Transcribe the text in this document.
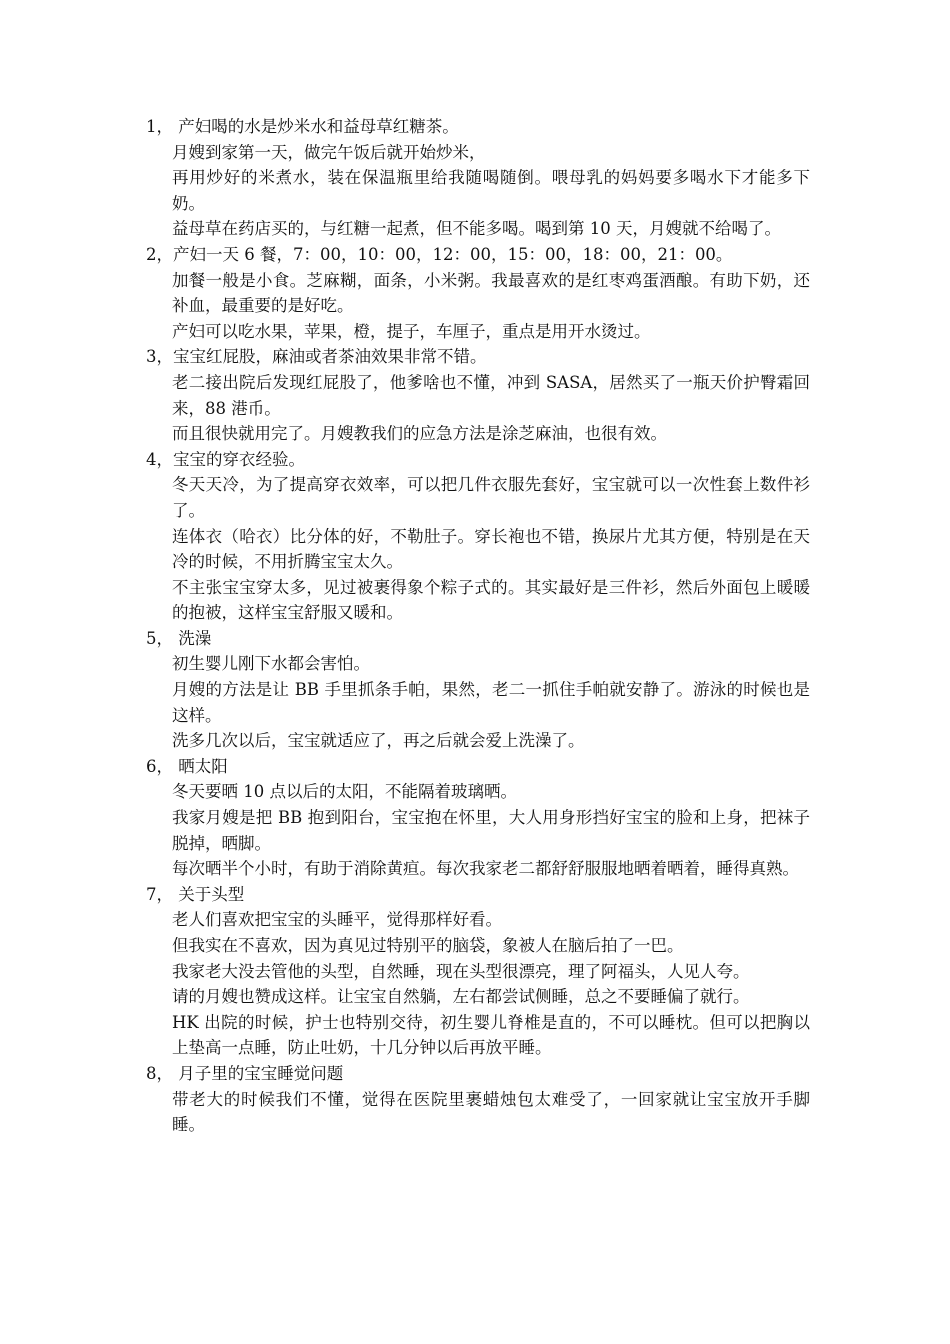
1， 产妇喝的水是炒米水和益母草红糖茶。
月嫂到家第一天，做完午饭后就开始炒米，
再用炒好的米煮水，装在保温瓶里给我随喝随倒。喂母乳的妈妈要多喝水下才能多下奶。
益母草在药店买的，与红糖一起煮，但不能多喝。喝到第 10 天，月嫂就不给喝了。
2，产妇一天 6 餐，7：00，10：00，12：00，15：00，18：00，21：00。
加餐一般是小食。芝麻糊，面条，小米粥。我最喜欢的是红枣鸡蛋酒酿。有助下奶，还补血，最重要的是好吃。
产妇可以吃水果，苹果，橙，提子，车厘子，重点是用开水烫过。
3，宝宝红屁股，麻油或者茶油效果非常不错。
老二接出院后发现红屁股了，他爹啥也不懂，冲到 SASA，居然买了一瓶天价护臀霜回来，88 港币。
而且很快就用完了。月嫂教我们的应急方法是涂芝麻油，也很有效。
4，宝宝的穿衣经验。
冬天天冷，为了提高穿衣效率，可以把几件衣服先套好，宝宝就可以一次性套上数件衫了。
连体衣（哈衣）比分体的好，不勒肚子。穿长袍也不错，换尿片尤其方便，特别是在天冷的时候，不用折腾宝宝太久。
不主张宝宝穿太多，见过被裹得象个粽子式的。其实最好是三件衫，然后外面包上暖暖的抱被，这样宝宝舒服又暖和。
5， 洗澡
初生婴儿刚下水都会害怕。
月嫂的方法是让 BB 手里抓条手帕，果然，老二一抓住手帕就安静了。游泳的时候也是这样。
洗多几次以后，宝宝就适应了，再之后就会爱上洗澡了。
6， 晒太阳
冬天要晒 10 点以后的太阳，不能隔着玻璃晒。
我家月嫂是把 BB 抱到阳台，宝宝抱在怀里，大人用身形挡好宝宝的脸和上身，把袜子脱掉，晒脚。
每次晒半个小时，有助于消除黄疸。每次我家老二都舒舒服服地晒着晒着，睡得真熟。
7， 关于头型
老人们喜欢把宝宝的头睡平，觉得那样好看。
但我实在不喜欢，因为真见过特别平的脑袋，象被人在脑后拍了一巴。
我家老大没去管他的头型，自然睡，现在头型很漂亮，理了阿福头，人见人夸。
请的月嫂也赞成这样。让宝宝自然躺，左右都尝试侧睡，总之不要睡偏了就行。
HK 出院的时候，护士也特别交待，初生婴儿脊椎是直的，不可以睡枕。但可以把胸以上垫高一点睡，防止吐奶，十几分钟以后再放平睡。
8， 月子里的宝宝睡觉问题
带老大的时候我们不懂，觉得在医院里裹蜡烛包太难受了，一回家就让宝宝放开手脚睡。
